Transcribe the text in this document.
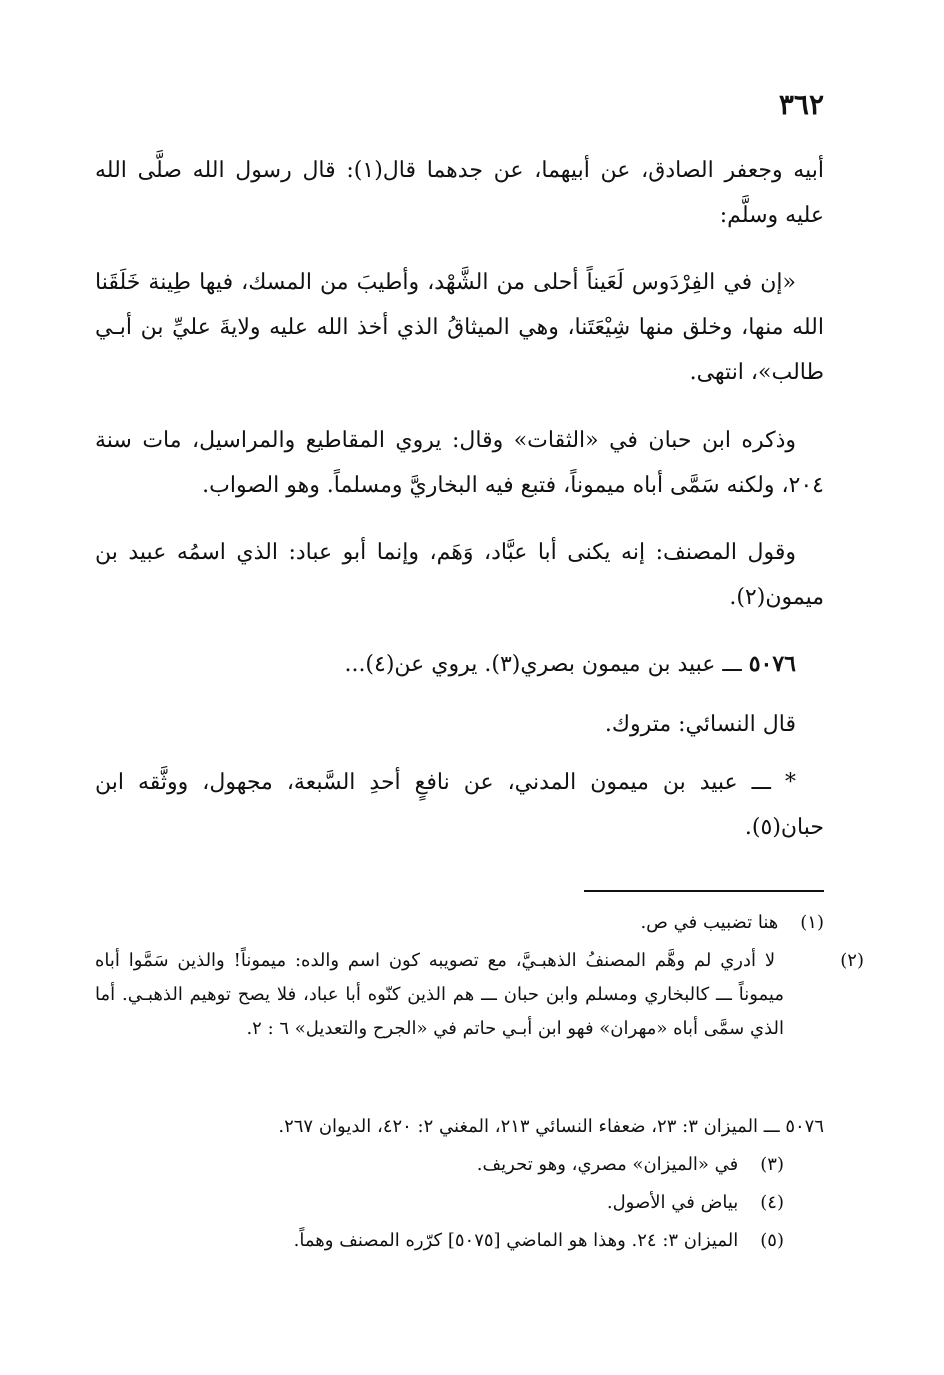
٣٦٢
أبيه وجعفر الصادق، عن أبيهما، عن جدهما قال(١): قال رسول الله صلَّى الله عليه وسلَّم:
«إن في الفِرْدَوس لَعَيناً أحلى من الشَّهْد، وأطيبَ من المسك، فيها طِينة خَلَقَنا الله منها، وخلق منها شِيْعَتَنا، وهي الميثاقُ الذي أخذ الله عليه ولايةَ عليِّ بن أبـي طالب»، انتهى.
وذكره ابن حبان في «الثقات» وقال: يروي المقاطيع والمراسيل، مات سنة ٢٠٤، ولكنه سَمَّى أباه ميموناً، فتبع فيه البخاريَّ ومسلماً. وهو الصواب.
وقول المصنف: إنه يكنى أبا عبَّاد، وَهَم، وإنما أبو عباد: الذي اسمُه عبيد بن ميمون(٢).
٥٠٧٦ ـــ عبيد بن ميمون بصري(٣). يروي عن(٤)...
قال النسائي: متروك.
* ـــ عبيد بن ميمون المدني، عن نافعٍ أحدِ السَّبعة، مجهول، ووثَّقه ابن حبان(٥).
(١) هنا تضبيب في ص.
(٢) لا أدري لم وهَّم المصنفُ الذهبـيَّ، مع تصويبه كون اسم والده: ميموناً! والذين سَمَّوا أباه ميموناً ـــ كالبخاري ومسلم وابن حبان ـــ هم الذين كنّوه أبا عباد، فلا يصح توهيم الذهبـي. أما الذي سمَّى أباه «مهران» فهو ابن أبـي حاتم في «الجرح والتعديل» ٦ : ٢.
٥٠٧٦ ـــ الميزان ٣: ٢٣، ضعفاء النسائي ٢١٣، المغني ٢: ٤٢٠، الديوان ٢٦٧.
(٣) في «الميزان» مصري، وهو تحريف.
(٤) بياض في الأصول.
(٥) الميزان ٣: ٢٤. وهذا هو الماضي [٥٠٧٥] كرّره المصنف وهماً.
